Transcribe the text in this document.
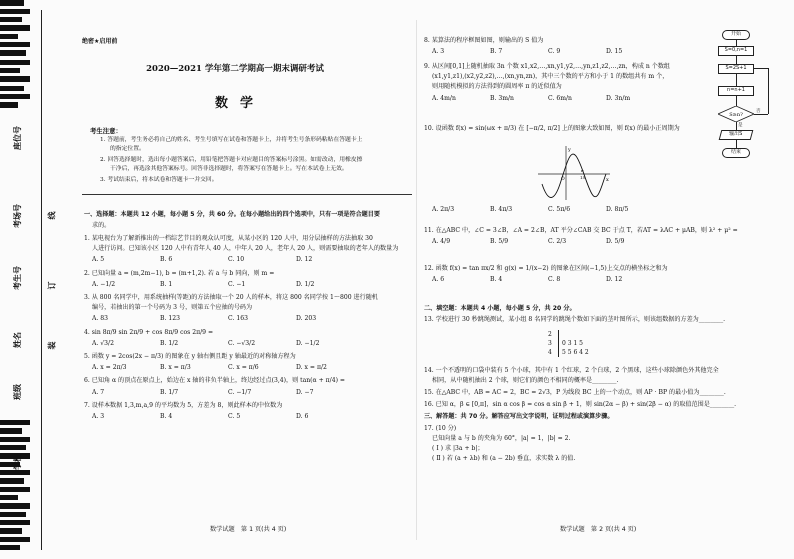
座位号
考场号
考生号
姓名
班级
学校
线
订
装
绝密★启用前
2020—2021 学年第二学期高一期末调研考试
数学
考生注意：
1. 答题前，考生务必将自己的姓名、考生号填写在试卷和答题卡上，并将考生号条形码粘贴在答题卡上
的指定位置。
2. 回答选择题时，选出每小题答案后，用铅笔把答题卡对应题目的答案标号涂黑。如需改动，用橡皮擦
干净后，再选涂其他答案标号。回答非选择题时，将答案写在答题卡上。写在本试卷上无效。
3. 考试结束后，将本试卷和答题卡一并交回。
一、选择题：本题共 12 小题，每小题 5 分，共 60 分。在每小题给出的四个选项中，只有一项是符合题目要
求的。
1. 某电视台为了解新推出的一档综艺节目的观众认可度，从某小区的 120 人中，用分层抽样的方法抽取 30
人进行访问。已知该小区 120 人中有青年人 40 人，中年人 20 人，老年人 20 人，则需要抽取的老年人的数量为
A. 5	B. 6	C. 10	D. 12
2. 已知向量 a = (m,2m−1), b = (m+1,2). 若 a 与 b 同向，则 m =
A. −1/2	B. 1	C. −1	D. 1/2
3. 从 800 名同学中，用系统抽样(等距)的方法抽取一个 20 人的样本，将这 800 名同学按 1～800 进行随机
编号，若抽出的第一个号码为 3 号，则第五个应抽的号码为
A. 83	B. 123	C. 163	D. 203
4. sin 8π/9 sin 2π/9 + cos 8π/9 cos 2π/9 =
A. √3/2	B. 1/2	C. −√3/2	D. −1/2
5. 函数 y = 2cos(2x − π/3) 的图象在 y 轴右侧且距 y 轴最近的对称轴方程为
A. x = 2π/3	B. x = π/3	C. x = π/6	D. x = π/2
6. 已知角 α 的顶点在原点上，始边在 x 轴的非负半轴上，终边经过点(3,4)，则 tan(α + π/4) =
A. 7	B. 1/7	C. −1/7	D. −7
7. 设样本数据 1,3,m,a,9 的平均数为 5，方差为 8，则此样本的中位数为
A. 3	B. 4	C. 5	D. 6
数学试题　第 1 页(共 4 页)
8. 某算法的程序框图如图，则输出的 S 值为
A. 3	B. 7	C. 9	D. 15
9. 从区间[0,1]上随机抽取 3n 个数 x1,x2,…,xn,y1,y2,…,yn,z1,z2,…,zn，构成 n 个数组
(x1,y1,z1),(x2,y2,z2),…,(xn,yn,zn)，其中三个数的平方和小于 1 的数组共有 m 个，
则用随机模拟的方法得到的圆周率 π 的近似值为
A. 4m/n	B. 3m/n	C. 6m/n	D. 3n/m
10. 设函数 f(x) = sin(ωx + π/3) 在 [−π/2, π/2] 上的图象大致如图，则 f(x) 的最小正周期为
A. 2π/3	B. 4π/3	C. 5π/6	D. 8π/5
11. 在△ABC 中，∠C = 3∠B，∠A = 2∠B，AT 平分∠CAB 交 BC 于点 T，若AT = λAC + μAB，则 λ² + μ² =
A. 4/9	B. 5/9	C. 2/3	D. 5/9
12. 函数 f(x) = tan πx/2 和 g(x) = 1/(x−2) 的图象在区间(−1,5)上交点的横坐标之和为
A. 6	B. 4	C. 8	D. 12
二、填空题：本题共 4 小题，每小题 5 分，共 20 分。
13. 学校进行 30 秒跳绳测试，某小组 8 名同学的跳绳个数如下面的茎叶图所示，则该组数据的方差为________.
2
3	0 3 1 5
4	5 5 6 4 2
14. 一个不透明的口袋中装有 5 个小球，其中有 1 个红球，2 个白球，2 个黑球，这些小球除颜色外其他完全
相同，从中随机抽出 2 个球，则它们的颜色不相同的概率是________.
15. 在△ABC 中，AB = AC = 2，BC = 2√3，P 为线段 BC 上的一个动点，则 AP · BP 的最小值为________.
16. 已知 α，β ∈ [0,π]，sin α cos β = cos α sin β + 1，则 sin(2α − β) + sin(2β − α) 的取值范围是________.
三、解答题：共 70 分。解答应写出文字说明，证明过程或演算步骤。
17. (10 分)
已知向量 a 与 b 的夹角为 60°，|a| = 1，|b| = 2.
( Ⅰ ) 求 |3a + b|；
( Ⅱ ) 若 (a + λb) 和 (a − 2b) 垂直，求实数 λ 的值.
数学试题　第 2 页(共 4 页)
y
x
O
π
15
开始
S=0,n=1
S=2S+1
n=n+1
S≥n?
否
是
输出S
结束
